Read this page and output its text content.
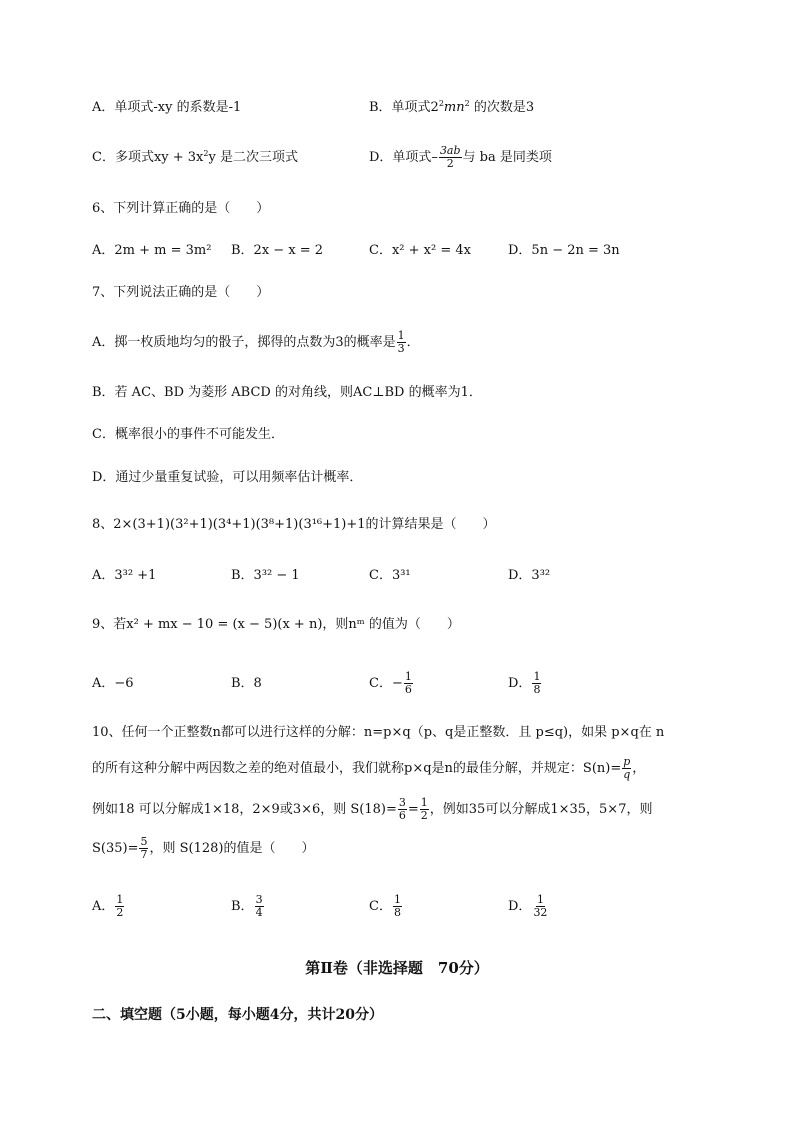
A．单项式-xy 的系数是-1	B．单项式$2^2mn^2$ 的次数是3
C．多项式xy + $3x^2y$ 是二次三项式	D．单项式– $\frac{3ab}{2}$ 与 ba 是同类项
6、下列计算正确的是（　　）
A．2m + m = 3m² B．2x − x = 2	C．x² + x² = 4x	D．5n − 2n = 3n
7、下列说法正确的是（　　）
A．掷一枚质地均匀的骰子，掷得的点数为3的概率是 $\frac{1}{3}$ ．
B．若 AC、BD 为菱形 ABCD 的对角线，则AC⊥BD 的概率为1．
C．概率很小的事件不可能发生．
D．通过少量重复试验，可以用频率估计概率．
8、2×(3+1)(3²+1)(3⁴+1)(3⁸+1)(3¹⁶+1)+1的计算结果是（　　）
A．3³² +1	B．3³² − 1	C．3³¹	D．3³²
9、若x² + mx − 10 = (x − 5)(x + n)，则nᵐ 的值为（　　）
A．−6	B．8	C．− $\frac{1}{6}$	D． $\frac{1}{8}$
10、任何一个正整数n都可以进行这样的分解：n=p×q（p、q是正整数．且 p≤q)，如果 p×q在 n
的所有这种分解中两因数之差的绝对值最小，我们就称p×q是n的最佳分解，并规定：$S(n)= \frac{p}{q}$ ，
例如18 可以分解成1×18，2×9或3×6，则 $S(18)= \frac{3}{6} = \frac{1}{2}$ ，例如35可以分解成1×35，5×7，则
$S(35)= \frac{5}{7}$ ，则 S(128)的值是（　　）
A． $\frac{1}{2}$	B． $\frac{3}{4}$	C． $\frac{1}{8}$	D． $\frac{1}{32}$
第Ⅱ卷（非选择题　70分）
二、填空题（5小题，每小题4分，共计20分）
